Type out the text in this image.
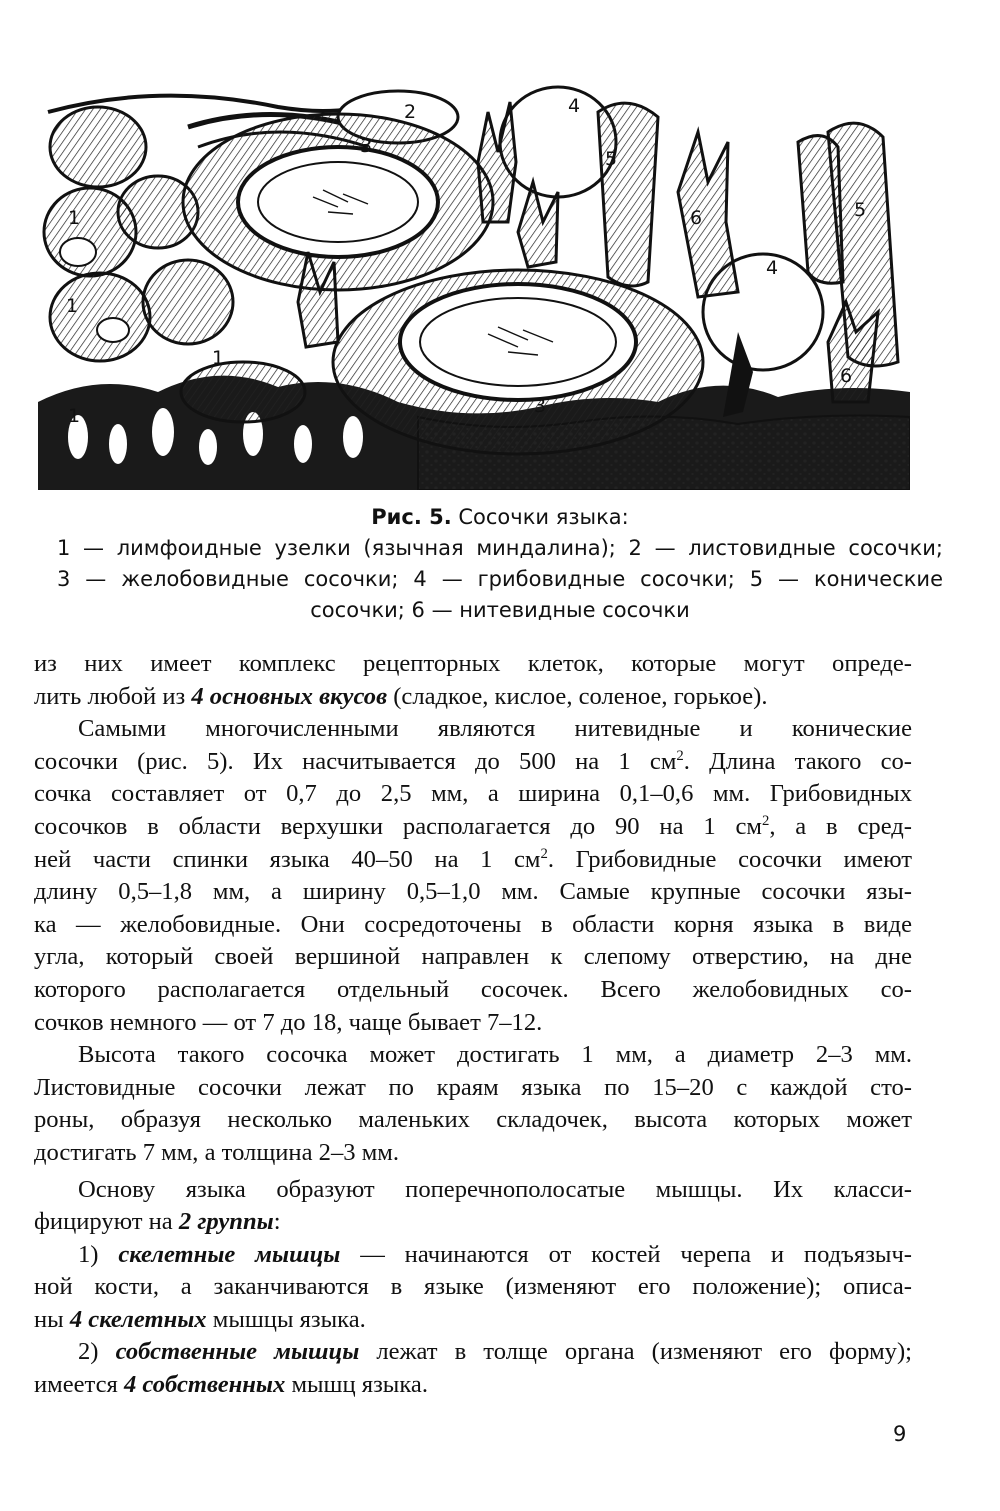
1
1
1
1
2
3
3
4
4
5
5
6
6
Рис. 5. Сосочки языка:
1 — лимфоидные узелки (язычная миндалина); 2 — листовидные сосочки;
3 — желобовидные сосочки; 4 — грибовидные сосочки; 5 — конические
сосочки; 6 — нитевидные сосочки
из них имеет комплекс рецепторных клеток, которые могут опреде-
лить любой из 4 основных вкусов (сладкое, кислое, соленое, горькое).
Самыми многочисленными являются нитевидные и конические
сосочки (рис. 5). Их насчитывается до 500 на 1 $см^2$. Длина такого со-
сочка составляет от 0,7 до 2,5 мм, а ширина 0,1–0,6 мм. Грибовидных
сосочков в области верхушки располагается до 90 на 1 $см^2$, а в сред-
ней части спинки языка 40–50 на 1 $см^2$. Грибовидные сосочки имеют
длину 0,5–1,8 мм, а ширину 0,5–1,0 мм. Самые крупные сосочки язы-
ка — желобовидные. Они сосредоточены в области корня языка в виде
угла, который своей вершиной направлен к слепому отверстию, на дне
которого располагается отдельный сосочек. Всего желобовидных со-
сочков немного — от 7 до 18, чаще бывает 7–12.
Высота такого сосочка может достигать 1 мм, а диаметр 2–3 мм.
Листовидные сосочки лежат по краям языка по 15–20 с каждой сто-
роны, образуя несколько маленьких складочек, высота которых может
достигать 7 мм, а толщина 2–3 мм.
Основу языка образуют поперечнополосатые мышцы. Их класси-
фицируют на 2 группы:
1) скелетные мышцы — начинаются от костей черепа и подъязыч-
ной кости, а заканчиваются в языке (изменяют его положение); описа-
ны 4 скелетных мышцы языка.
2) собственные мышцы лежат в толще органа (изменяют его форму);
имеется 4 собственных мышц языка.
9
